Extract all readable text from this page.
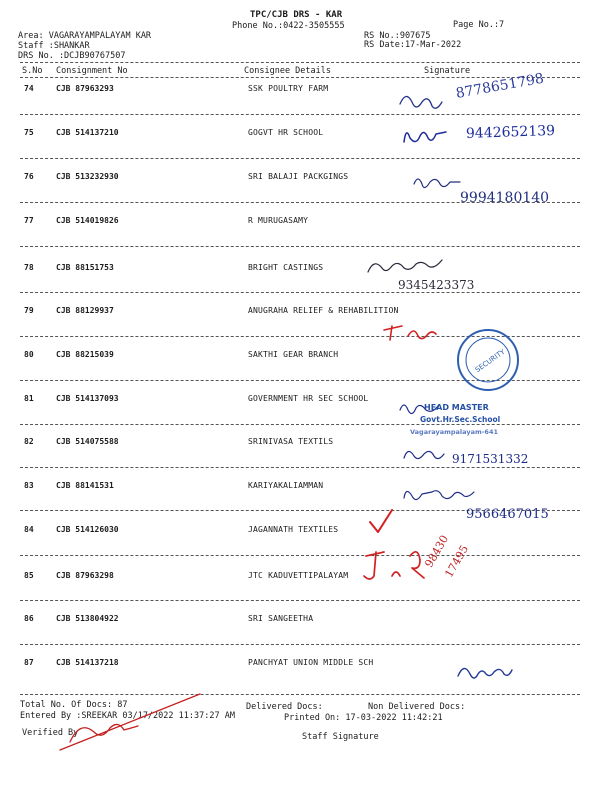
TPC/CJB DRS - KAR
Phone No.:0422-3505555	Page No.:7
Area: VAGARAYAMPALAYAM KAR
Staff :SHANKAR
DRS No. :DCJB90767507
RS No.:907675
RS Date:17-Mar-2022
S.No Consignment No	Consignee Details	Signature
74	CJB 87963293	SSK POULTRY FARM
75	CJB 514137210	GOGVT HR SCHOOL
76	CJB 513232930	SRI BALAJI PACKGINGS
77	CJB 514019826	R MURUGASAMY
78	CJB 88151753	BRIGHT CASTINGS
79	CJB 88129937	ANUGRAHA RELIEF & REHABILITION
80	CJB 88215039	SAKTHI GEAR BRANCH
81	CJB 514137093	GOVERNMENT HR SEC SCHOOL
82	CJB 514075588	SRINIVASA TEXTILS
83	CJB 88141531	KARIYAKALIAMMAN
84	CJB 514126030	JAGANNATH TEXTILES
85	CJB 87963298	JTC KADUVETTIPALAYAM
86	CJB 513804922	SRI SANGEETHA
87	CJB 514137218	PANCHYAT UNION MIDDLE SCH
Total No. Of Docs: 87	Delivered Docs:	Non Delivered Docs:
Entered By :SREEKAR 03/17/2022 11:37:27 AM	Printed On: 17-03-2022 11:42:21
Verified By	Staff Signature
SECURITY
HEAD MASTER
Govt.Hr.Sec.School
Vagarayampalayam-641
8778651798
9442652139
9994180140
9345423373
9171531332
9566467015
98430
17495
